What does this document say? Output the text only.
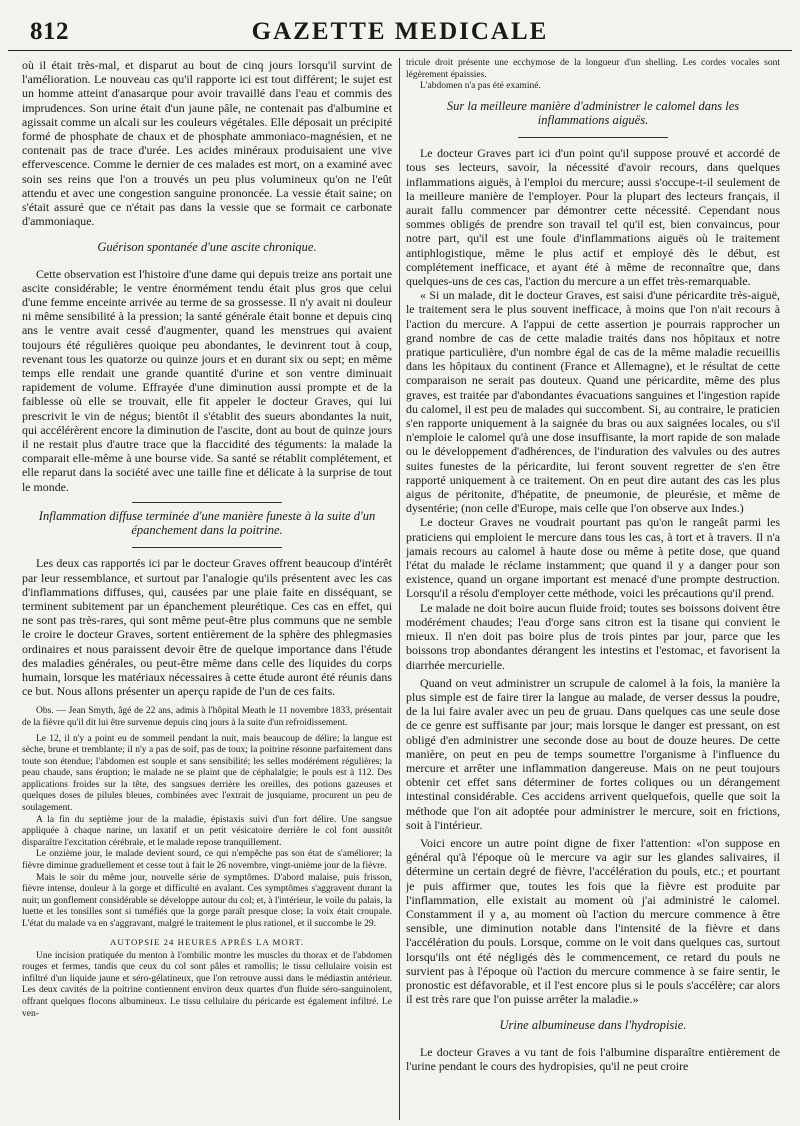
812	GAZETTE MEDICALE

où il était très-mal, et disparut au bout de cinq jours lorsqu'il survint de l'amélioration. Le nouveau cas qu'il rapporte ici est tout différent; le sujet est un homme atteint d'anasarque pour avoir travaillé dans l'eau et commis des imprudences. Son urine était d'un jaune pâle, ne contenait pas d'albumine et agissait comme un alcali sur les couleurs végétales. Elle déposait un précipité formé de phosphate de chaux et de phosphate ammoniaco-magnésien, et ne contenait pas de trace d'urée. Les acides minéraux produisaient une vive effervescence. Comme le dernier de ces malades est mort, on a examiné avec soin ses reins que l'on a trouvés un peu plus volumineux qu'on ne l'eût attendu et avec une congestion sanguine prononcée. La vessie était saine; on s'était assuré que ce n'était pas dans la vessie que se formait ce carbonate d'ammoniaque.

Guérison spontanée d'une ascite chronique.

Cette observation est l'histoire d'une dame qui depuis treize ans portait une ascite considérable; le ventre énormément tendu était plus gros que celui d'une femme enceinte arrivée au terme de sa grossesse. Il n'y avait ni douleur ni même sensibilité à la pression; la santé générale était bonne et depuis cinq ans le ventre avait cessé d'augmenter, quand les menstrues qui avaient toujours été régulières quoique peu abondantes, le devinrent tout à coup, revenant tous les quatorze ou quinze jours et en durant six ou sept; en même temps elle rendait une grande quantité d'urine et son ventre diminuait rapidement de volume. Effrayée d'une diminution aussi prompte et de la faiblesse où elle se trouvait, elle fit appeler le docteur Graves, qui lui prescrivit le vin de négus; bientôt il s'établit des sueurs abondantes la nuit, qui accélérèrent encore la diminution de l'ascite, dont au bout de quinze jours il ne restait plus d'autre trace que la flaccidité des téguments: la malade la comparait elle-même à une bourse vide. Sa santé se rétablit complétement, et elle reparut dans la société avec une taille fine et délicate à la surprise de tout le monde.

Inflammation diffuse terminée d'une manière funeste à la suite d'un épanchement dans la poitrine.

Les deux cas rapportés ici par le docteur Graves offrent beaucoup d'intérêt par leur ressemblance, et surtout par l'analogie qu'ils présentent avec les cas d'inflammations diffuses, qui, causées par une plaie faite en disséquant, se terminent subitement par un épanchement pleurétique. Ces cas en effet, qui ne sont pas très-rares, qui sont même peut-être plus communs que ne semble le croire le docteur Graves, sortent entièrement de la sphère des phlegmasies ordinaires et nous paraissent devoir être de quelque importance dans l'étude des maladies générales, ou peut-être même dans celle des liquides du corps humain, lorsque les matériaux nécessaires à cette étude auront été réunis dans ce but. Nous allons présenter un aperçu rapide de l'un de ces faits.

Obs. — Jean Smyth, âgé de 22 ans, admis à l'hôpital Meath le 11 novembre 1833, présentait de la fièvre qu'il dit lui être survenue depuis cinq jours à la suite d'un refroidissement.

Le 12, il n'y a point eu de sommeil pendant la nuit, mais beaucoup de délire; la langue est sèche, brune et tremblante; il n'y a pas de soif, pas de toux; la poitrine résonne parfaitement dans toute son étendue; l'abdomen est souple et sans sensibilité; les selles modérément régulières; la peau chaude, sans éruption; le malade ne se plaint que de céphalalgie; le pouls est à 112. Des applications froides sur la tête, des sangsues derrière les oreilles, des potions gazeuses et quelques doses de pilules bleues, combinées avec l'extrait de jusquiame, procurent un peu de soulagement.

A la fin du septième jour de la maladie, épistaxis suivi d'un fort délire. Une sangsue appliquée à chaque narine, un laxatif et un petit vésicatoire derrière le col font aussitôt disparaître l'excitation cérébrale, et le malade repose tranquillement.

Le onzième jour, le malade devient sourd, ce qui n'empêche pas son état de s'améliorer; la fièvre diminue graduellement et cesse tout à fait le 26 novembre, vingt-unième jour de la fièvre.

Mais le soir du même jour, nouvelle série de symptômes. D'abord malaise, puis frisson, fièvre intense, douleur à la gorge et difficulté en avalant. Ces symptômes s'aggravent durant la nuit; un gonflement considérable se développe autour du col; et, à l'intérieur, le voile du palais, la luette et les tonsilles sont si tuméfiés que la gorge paraît presque close; la voix était croupale. L'état du malade va en s'aggravant, malgré le traitement le plus rationel, et il succombe le 29.

AUTOPSIE 24 HEURES APRÈS LA MORT.

Une incision pratiquée du menton à l'ombilic montre les muscles du thorax et de l'abdomen rouges et fermes, tandis que ceux du col sont pâles et ramollis; le tissu cellulaire voisin est infiltré d'un liquide jaune et séro-gélatineux, que l'on retrouve aussi dans le médiastin antérieur. Les deux cavités de la poitrine contiennent environ deux quartes d'un fluide séro-sanguinolent, offrant quelques flocons albumineux. Le tissu cellulaire du péricarde est également infiltré. Le ven-

tricule droit présente une ecchymose de la longueur d'un shelling. Les cordes vocales sont légèrement épaissies.

L'abdomen n'a pas été examiné.

Sur la meilleure manière d'administrer le calomel dans les inflammations aiguës.

Le docteur Graves part ici d'un point qu'il suppose prouvé et accordé de tous ses lecteurs, savoir, la nécessité d'avoir recours, dans quelques inflammations aiguës, à l'emploi du mercure; aussi s'occupe-t-il seulement de la meilleure manière de l'employer. Pour la plupart des lecteurs français, il aurait fallu commencer par démontrer cette nécessité. Cependant nous sommes obligés de prendre son travail tel qu'il est, bien convaincus, pour notre part, qu'il est une foule d'inflammations aiguës où le traitement antiphlogistique, même le plus actif et employé dès le début, est complétement inefficace, et ayant été à même de reconnaître que, dans quelques-uns de ces cas, l'action du mercure a un effet très-remarquable.

« Si un malade, dit le docteur Graves, est saisi d'une péricardite très-aiguë, le traitement sera le plus souvent inefficace, à moins que l'on n'ait recours à l'action du mercure. A l'appui de cette assertion je pourrais rapprocher un grand nombre de cas de cette maladie traités dans nos hôpitaux et notre pratique particulière, d'un nombre égal de cas de la même maladie recueillis dans les hôpitaux du continent (France et Allemagne), et le résultat de cette comparaison ne serait pas douteux. Quand une péricardite, même des plus graves, est traitée par d'abondantes évacuations sanguines et l'ingestion rapide du calomel, il est peu de malades qui succombent. Si, au contraire, le praticien s'en rapporte uniquement à la saignée du bras ou aux saignées locales, ou s'il n'emploie le calomel qu'à une dose insuffisante, la mort rapide de son malade ou le développement d'adhérences, de l'induration des valvules ou des autres suites funestes de la péricardite, lui feront souvent regretter de s'en être rapporté uniquement à ce traitement. On en peut dire autant des cas les plus aigus de péritonite, d'hépatite, de pneumonie, de pleurésie, et même de dysentérie; (non celle d'Europe, mais celle que l'on observe aux Indes.)

Le docteur Graves ne voudrait pourtant pas qu'on le rangeât parmi les praticiens qui emploient le mercure dans tous les cas, à tort et à travers. Il n'a jamais recours au calomel à haute dose ou même à petite dose, que quand l'état du malade le réclame instamment; que quand il y a danger pour son existence, quand un organe important est menacé d'une prompte destruction. Lorsqu'il a résolu d'employer cette méthode, voici les précautions qu'il prend.

Le malade ne doit boire aucun fluide froid; toutes ses boissons doivent être modérément chaudes; l'eau d'orge sans citron est la tisane qui convient le mieux. Il n'en doit pas boire plus de trois pintes par jour, parce que les boissons trop abondantes dérangent les intestins et l'estomac, et favorisent la diarrhée mercurielle.

Quand on veut administrer un scrupule de calomel à la fois, la manière la plus simple est de faire tirer la langue au malade, de verser dessus la poudre, de la lui faire avaler avec un peu de gruau. Dans quelques cas une seule dose de ce genre est suffisante par jour; mais lorsque le danger est pressant, on est obligé d'en administrer une seconde dose au bout de douze heures. De cette manière, on peut en peu de temps soumettre l'organisme à l'influence du mercure et arrêter une inflammation dangereuse. Mais on ne peut toujours obtenir cet effet sans déterminer de fortes coliques ou un dérangement intestinal considérable. Ces accidens arrivent quelquefois, quelle que soit la méthode que l'on ait adoptée pour administrer le mercure, soit en frictions, soit à l'intérieur.

Voici encore un autre point digne de fixer l'attention: «l'on suppose en général qu'à l'époque où le mercure va agir sur les glandes salivaires, il détermine un certain degré de fièvre, l'accélération du pouls, etc.; et pourtant je puis affirmer que, toutes les fois que la fièvre est produite par l'inflammation, elle existait au moment où j'ai administré le calomel. Constamment il y a, au moment où l'action du mercure commence à être sensible, une diminution notable dans l'intensité de la fièvre et dans l'accélération du pouls. Lorsque, comme on le voit dans quelques cas, surtout lorsqu'ils ont été négligés dès le commencement, ce retard du pouls ne survient pas à l'époque où l'action du mercure commence à se faire sentir, le pronostic est défavorable, et il l'est encore plus si le pouls s'accélère; car alors il est très rare que l'on puisse arrêter la maladie.»

Urine albumineuse dans l'hydropisie.

Le docteur Graves a vu tant de fois l'albumine disparaître entièrement de l'urine pendant le cours des hydropisies, qu'il ne peut croire
